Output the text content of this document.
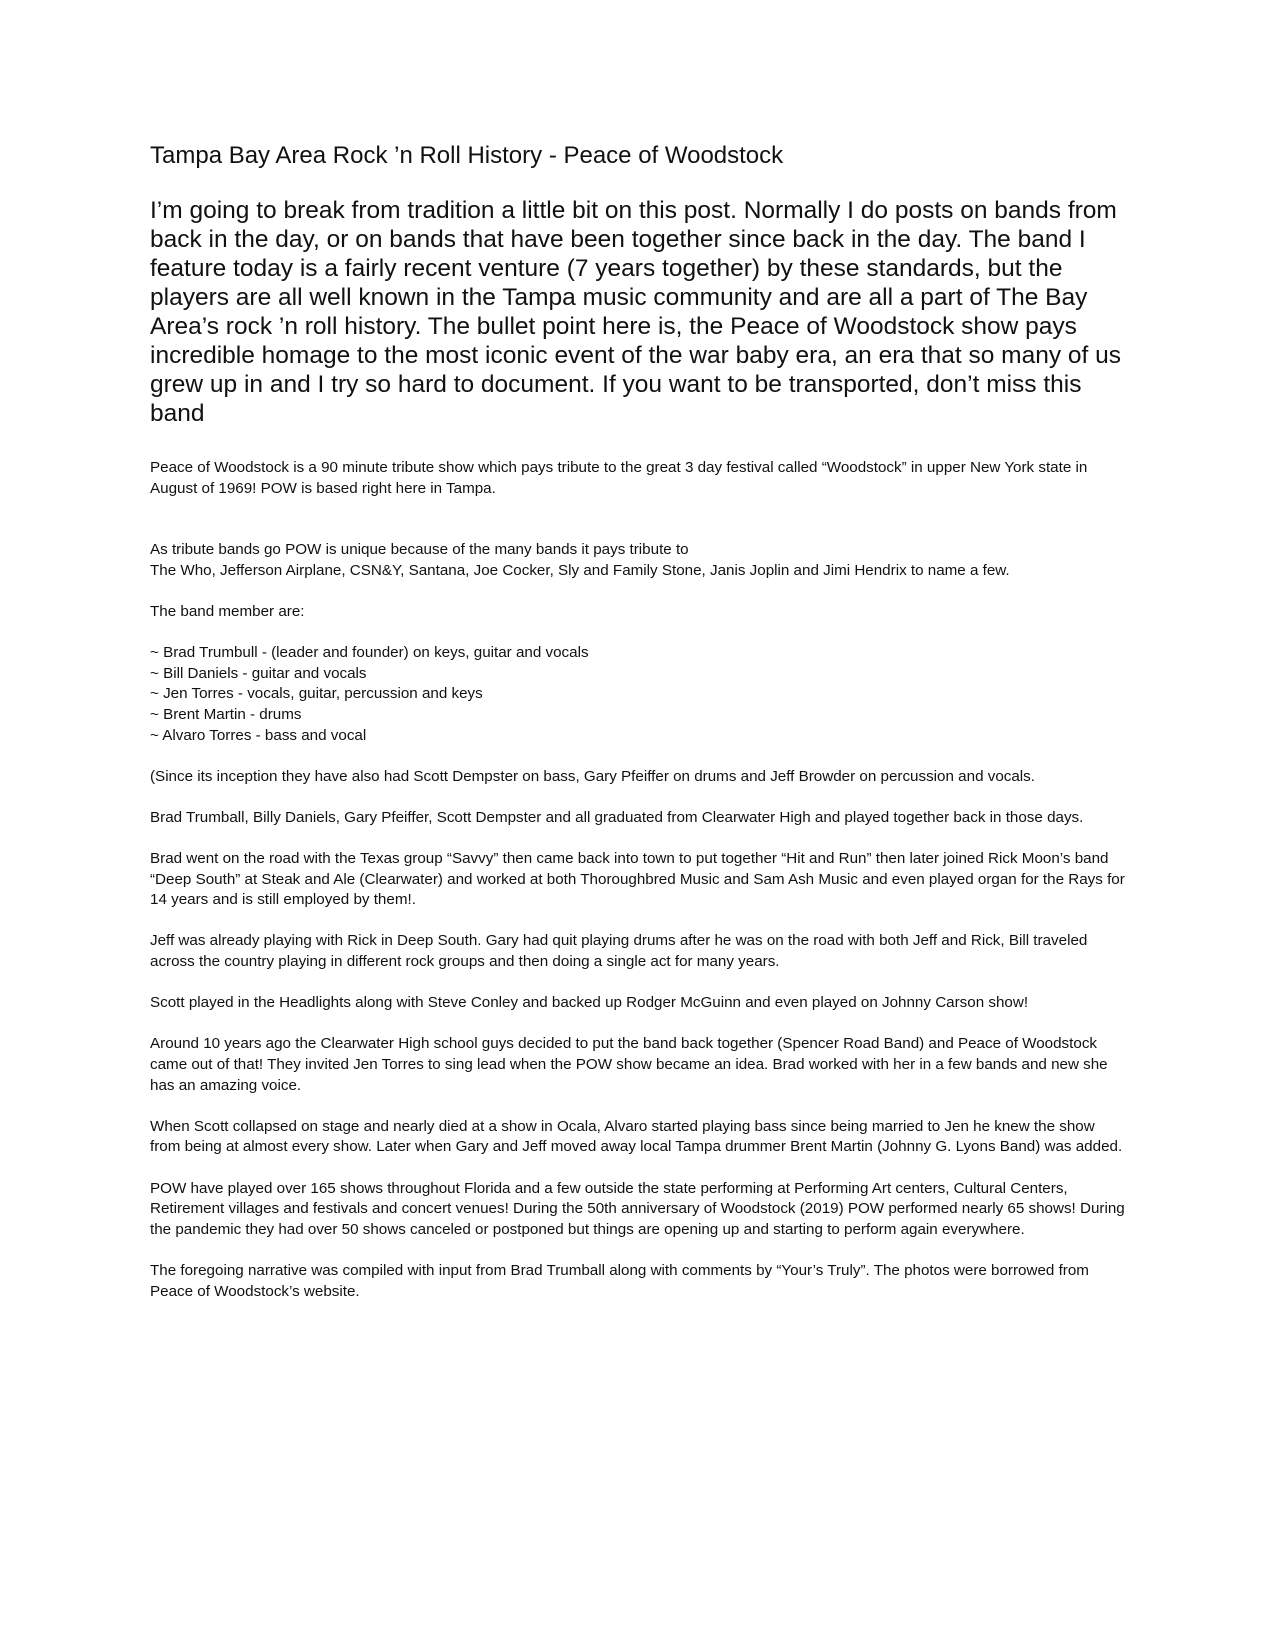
Tampa Bay Area Rock ’n Roll History - Peace of Woodstock

I’m going to break from tradition a little bit on this post. Normally I do posts on bands from back in the day, or on bands that have been together since back in the day. The band I feature today is a fairly recent venture (7 years together) by these standards, but the players are all well known in the Tampa music community and are all a part of The Bay Area’s rock ’n roll history. The bullet point here is, the Peace of Woodstock show pays incredible homage to the most iconic event of the war baby era, an era that so many of us grew up in and I try so hard to document. If you want to be transported, don’t miss this band

Peace of Woodstock is a 90 minute tribute show which pays tribute to the great 3 day festival called “Woodstock” in upper New York state in August of 1969! POW is based right here in Tampa.

As tribute bands go POW is unique because of the many bands it pays tribute to
The Who, Jefferson Airplane, CSN&Y, Santana, Joe Cocker, Sly and Family Stone, Janis Joplin and Jimi Hendrix to name a few.

The band member are:

~ Brad Trumbull - (leader and founder) on keys, guitar and vocals
~ Bill Daniels - guitar and vocals
~ Jen Torres - vocals, guitar, percussion and keys
~ Brent Martin - drums
~ Alvaro Torres - bass and vocal

(Since its inception they have also had Scott Dempster on bass, Gary Pfeiffer on drums and Jeff Browder on percussion and vocals.

Brad Trumball, Billy Daniels, Gary Pfeiffer, Scott Dempster and all graduated from Clearwater High and played together back in those days.

Brad went on the road with the Texas group “Savvy” then came back into town to put together “Hit and Run” then later joined Rick Moon’s band “Deep South” at Steak and Ale (Clearwater) and worked at both Thoroughbred Music and Sam Ash Music and even played organ for the Rays for 14 years and is still employed by them!.

Jeff was already playing with Rick in Deep South. Gary had quit playing drums after he was on the road with both Jeff and Rick, Bill traveled across the country playing in different rock groups and then doing a single act for many years.

Scott played in the Headlights along with Steve Conley and backed up Rodger McGuinn and even played on Johnny Carson show!

Around 10 years ago the Clearwater High school guys decided to put the band back together (Spencer Road Band) and Peace of Woodstock came out of that! They invited Jen Torres to sing lead when the POW show became an idea. Brad worked with her in a few bands and new she has an amazing voice.

When Scott collapsed on stage and nearly died at a show in Ocala, Alvaro started playing bass since being married to Jen he knew the show from being at almost every show. Later when Gary and Jeff moved away local Tampa drummer Brent Martin (Johnny G. Lyons Band) was added.

POW have played over 165 shows throughout Florida and a few outside the state performing at Performing Art centers, Cultural Centers, Retirement villages and festivals and concert venues! During the 50th anniversary of Woodstock (2019) POW performed nearly 65 shows! During the pandemic they had over 50 shows canceled or postponed but things are opening up and starting to perform again everywhere.

The foregoing narrative was compiled with input from Brad Trumball along with comments by “Your’s Truly”. The photos were borrowed from Peace of Woodstock’s website.
